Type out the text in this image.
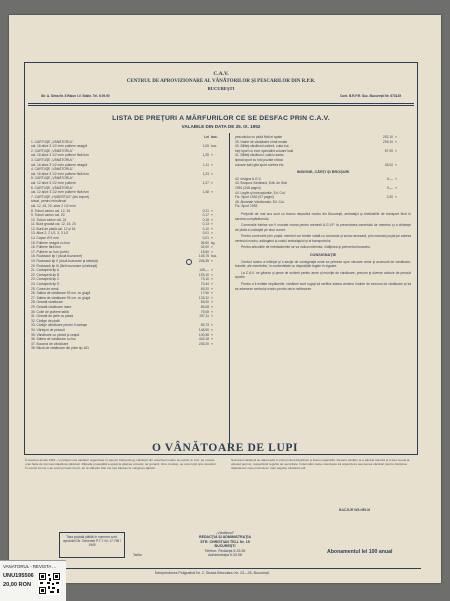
C.A.V.
CENTRUL DE APROVIZIONARE AL VÂNĂTORILOR ŞI PESCARILOR DIN R.P.R.
BUCUREŞTI
Str. A. Sima Nr. 8 Raion I.V. Stalin. Tel. 6.09.90	Cont. B.R.P.R. Suc. Bucureşti Nr. 673145
LISTA DE PREŢURI A MĂRFURILOR CE SE DESFAC PRIN C.A.V.
VALABILE DIN DATA DE 25. IX. 1952
Lei buc.
1. CARTUŞE „VÂNĂTORUL”
cal. 16 alice 3 1/2 m/m pulbere neagră	1,05 buc.
2. CARTUŞE „VÂNĂTORUL”
cal. 16 alice 3 1/2 m/m pulbere fără fum	1,25 »
3. CARTUŞE „VÂNĂTORUL”
cal. 16 alice 3 1/2 m/m pulbere neagră	1,11 »
4. CARTUŞE „VÂNĂTORUL”
cal. 16 alice 3 1/2 m/m pulbere fără fum	1,23 »
5. CARTUŞE „VÂNĂTORUL”
cal. 12 alice 3 1/2 m/m pulbere	1,27 »
6. CARTUŞE „VÂNĂTORUL”
cal. 12 alice 3 1/2 m/m pulbere fără fum	1,48 »
7. CARTUŞE „HUBERTUS” (din import)
tuburi, pentru reîncărcat
cal. 12, 16, 20, alice 2 1/2 m/m
8. Tuburi carton cal. 12, 16	0,21 »
9. Tuburi carton cal. 20	0,17 »
10. Tuburi carton cal. 24	0,15 »
11. Bură groasă cal. 12, 16, 20	0,13 »
12. Bură de pâslă cal. 12 şi 16	0,10 »
13. Alice 2, 2 1/2, 3, 3 1/2	0,01 »
14. Capse Ø 5 mm	0,01 »
15. Pulbere neagră cu fum	36,50 kg.
16. Pulbere fără fum	32,00 »
17. Pulbere cu fum (cutie)	15,60 »
18. Rucksack tip I (două buzunare)	145,75 buc.
19. Rucksack tip II (două buzunare şi talbeşă)	206,35 »
20. Rucksack tip III (fără buzunare şi talbeşă)
21. Cartuşieră tip A	145,— »
22. Cartuşieră tip B	193,10 »
23. Cartuşieră tip C	73,10 »
24. Cartuşieră tip D	70,44 »
25. Curea de armă	69,20 »
26. Saltea de vânătoare 90 cm. cu glugă	17,50 »
27. Saltea de vânătoare 90 cm. cu glugă	133,22 »
28. Geantă vânătoare	53,00 »
29. Geantă vânătoare mare	89,08 »
30. Cutie de pulbere tablă	79,08 »
31. Geantă de piele cu plasă	197,11 »
32. Cârlige de plată
33. Cârlige vânătoare pentru 9 cartuşe	89,73 »
34. Vârtejuri de pescuit	148,50 »
35. Vânătoare cu pânză şi ceapă	100,98 »
36. Saltea de vânătoare cu foc	442,18 »
37. Bocanci de vânătoare	235,20 »
38. Bluză de vânătoare din piele tip 181
pescuitului cu plută fără el spate	252,10 »
39. Haine de vânătoare nimă moale	299,10 »
40. Bilileţi vânătorul cailoră, cutia bul-
beţi sport cu ecor specialist culoare kaki	57,90 »
41. Bilileţi vânătorul, caliciu sarâu
lipinat sport cu fost pozate nitrosi
culoare kaki gtla sport sorirea etc.	45,00 »
INSIGNE, CĂRŢI ŞI BROŞURI
42. Insigna A.G.V.	6,— »
43. Broşura Vânătorul, Edit. de Stat
1951 (248 pagini)	9,— »
44. Legile şi instrucţiunile, Ed. Cul.
Fiz. Sport 1952 (97 pagini)	2,90 »
45. Almanah Vânătorului, Ed. Cul.
Fiz. Sport 1953
Preţurile de mai sus sunt cu franco depozitul nostru din Bucureşti, ambalajul şi cheltuielile de transport fiind în sarcina cumpărătorului.
Comenzile trimise vor fi onorate numai pentru membrii A.G.V.P. la prezentarea carnetului de membru şi a chitanţei de plată a cotizaţiei pe anul curent.
Pentru comenzile prin poştă, membrii vor trimite odată cu comanda şi suma necesară, prin mandat poştal pe adresa centrului nostru, adăugând şi costul ambalajului şi al transportului.
Pentru articolele de îmbrăcăminte se va indica mărimea, înălţimea şi perimetrul toracelui.
CONSIGNAŢIE
Centrul nostru a înfiinţat şi o secţie de consignaţie unde se primesc spre vânzare arme şi accesorii de vânătoare, folosite, ale membrilor, în conformitate cu dispoziţiile legale în vigoare.
La C.A.V. se găsesc şi piese de schimb pentru arme şi muniţie de vânătoare, precum şi diverse articole de pescuit sportiv.
Pentru a fi evitate neplăcerile, vânătorii sunt rugaţi să verifice starea armelor înainte de sezonul de vânătoare şi să se adreseze centrului nostru pentru orice nelămurire.
O VÂNĂTOARE DE LUPI
În toamna anului 1951, cu prilejul unei vânători organizate în raionul Câmpulung, vânătorii din colectivul nostru au pornit, în zori, pe urmele unei haite de lupi semnalată de pădurari. Zăpada proaspătă a ajutat la găsirea urmelor, iar gonacii, bine conduşi, au scos lupii spre standuri. În scurtă vreme s-au auzit primele focuri, iar la sfârşitul zilei trei lupi zăceau la marginea pădurii.
Succesul vânătorii se datorează în primul rând disciplinei şi bunei organizări. Fiecare vânător şi-a păstrat standul şi a tras numai la vânatul permis, respectând regulile de securitate. Îndemnăm toate colectivele să organizeze asemenea vânători pentru stârpirea răpitoarelor care pricinuiesc mari pagube vânatului util.
BACZUR WILHELM
Taxa poştală plătită în numerar conf. aprobării Dir. Generale P.T.T. Nr. 17.798 / 1949
„Vânătorul”
REDACŢIA ŞI ADMINISTRAŢIA
STR. CHRISTIAN TELL Nr. 15
BUCUREŞTI
Telefon: Redacţia 5.33.96
Administraţia 5.33.96
Tarifar	Abonamentul lei 100 anual
Întreprinderea Poligrafică Nr. 2, Strada Brezoianu Nr. 23—25, Bucureşti.
VANATORUL - REVISTA ...
UNU195506
20,00 RON
